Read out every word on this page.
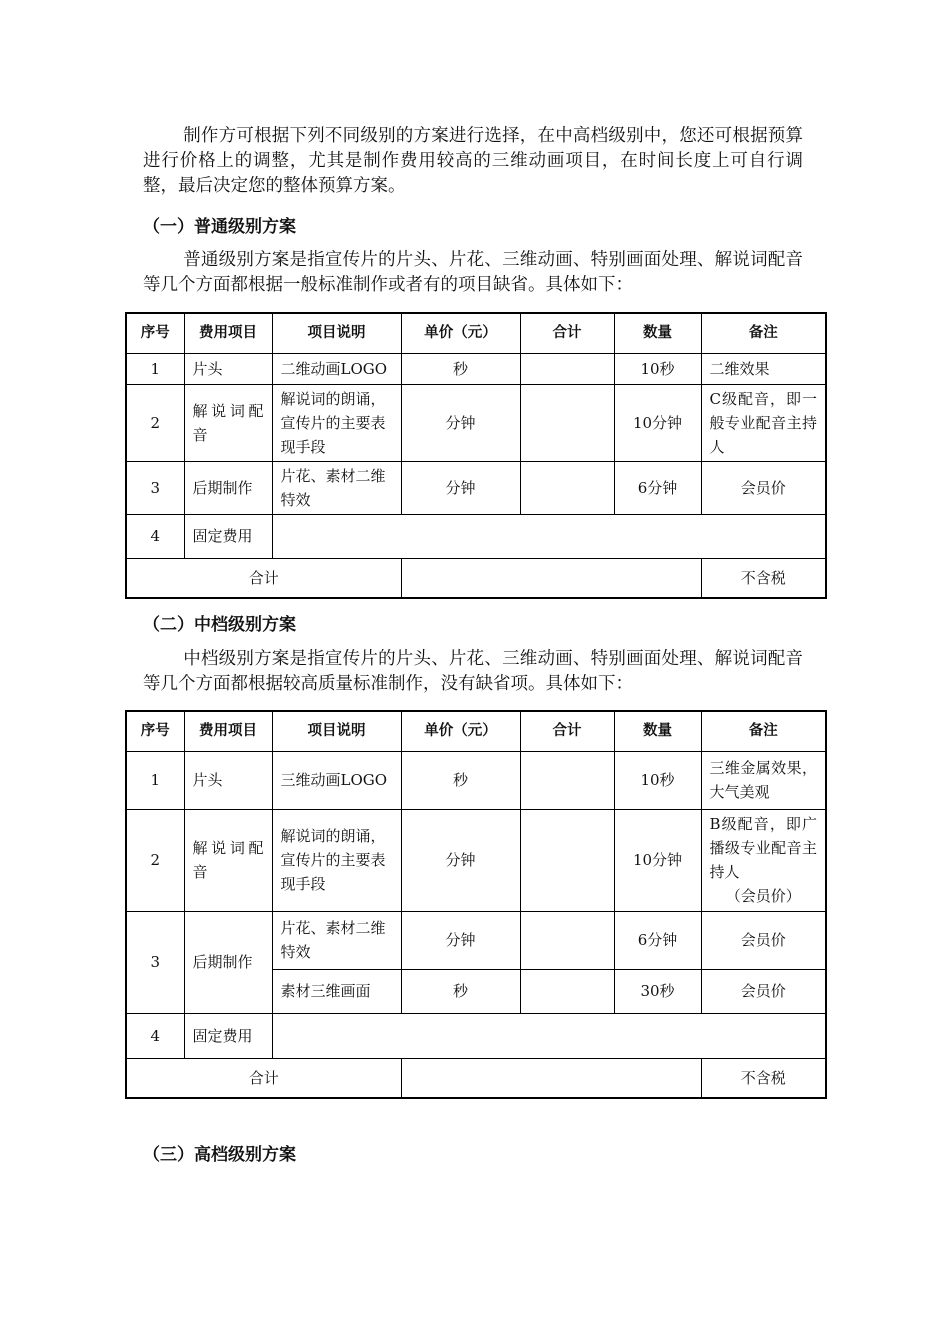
制作方可根据下列不同级别的方案进行选择，在中高档级别中，您还可根据预算进行价格上的调整，尤其是制作费用较高的三维动画项目，在时间长度上可自行调整，最后决定您的整体预算方案。

（一）普通级别方案

普通级别方案是指宣传片的片头、片花、三维动画、特别画面处理、解说词配音等几个方面都根据一般标准制作或者有的项目缺省。具体如下：

序号	费用项目	项目说明	单价（元）	合计	数量	备注
1	片头	二维动画LOGO	秒		10秒	二维效果
2	解说词配音	解说词的朗诵，宣传片的主要表现手段	分钟		10分钟	C级配音，即一般专业配音主持人
3	后期制作	片花、素材二维特效	分钟		6分钟	会员价
4	固定费用					
合计						不含税

（二）中档级别方案

中档级别方案是指宣传片的片头、片花、三维动画、特别画面处理、解说词配音等几个方面都根据较高质量标准制作，没有缺省项。具体如下：

序号	费用项目	项目说明	单价（元）	合计	数量	备注
1	片头	三维动画LOGO	秒		10秒	三维金属效果，大气美观
2	解说词配音	解说词的朗诵，宣传片的主要表现手段	分钟		10分钟	B级配音，即广播级专业配音主持人

（会员价）

3	后期制作	片花、素材二维特效	分钟		6分钟	会员价
		素材三维画面	秒		30秒	会员价
4	固定费用					
合计						不含税

（三）高档级别方案
